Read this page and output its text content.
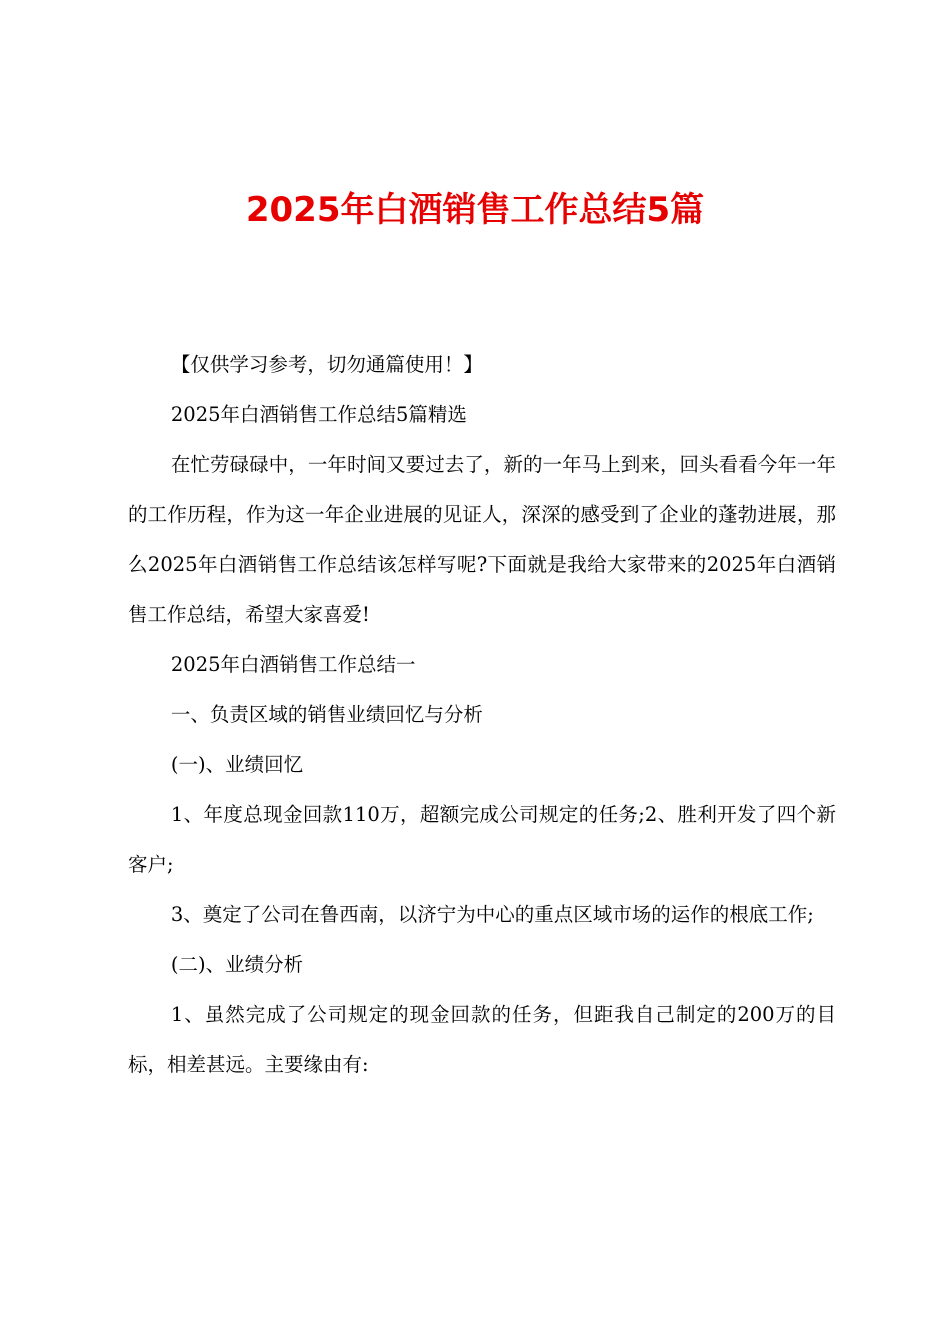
2025年白酒销售工作总结5篇

【仅供学习参考，切勿通篇使用！】

2025年白酒销售工作总结5篇精选

在忙劳碌碌中，一年时间又要过去了，新的一年马上到来，回头看看今年一年的工作历程，作为这一年企业进展的见证人，深深的感受到了企业的蓬勃进展，那么2025年白酒销售工作总结该怎样写呢?下面就是我给大家带来的2025年白酒销售工作总结，希望大家喜爱!

2025年白酒销售工作总结一

一、负责区域的销售业绩回忆与分析

(一)、业绩回忆

1、年度总现金回款110万，超额完成公司规定的任务;2、胜利开发了四个新客户;

3、奠定了公司在鲁西南，以济宁为中心的重点区域市场的运作的根底工作;

(二)、业绩分析

1、虽然完成了公司规定的现金回款的任务，但距我自己制定的200万的目标，相差甚远。主要缘由有:
